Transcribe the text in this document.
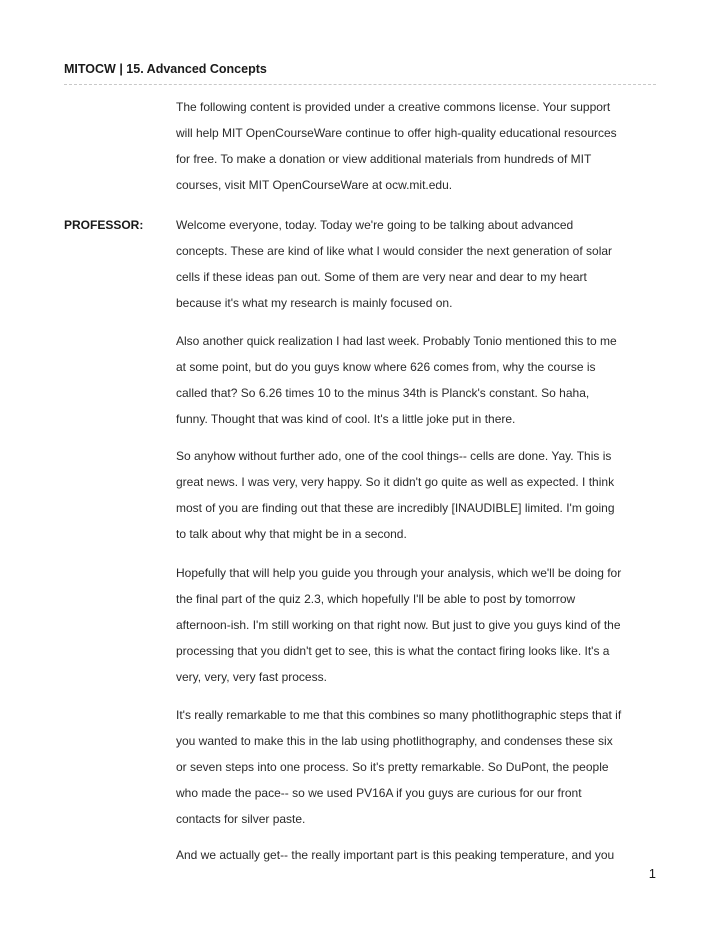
MITOCW | 15. Advanced Concepts
The following content is provided under a creative commons license. Your support
will help MIT OpenCourseWare continue to offer high-quality educational resources
for free. To make a donation or view additional materials from hundreds of MIT
courses, visit MIT OpenCourseWare at ocw.mit.edu.
PROFESSOR:	Welcome everyone, today. Today we're going to be talking about advanced
concepts. These are kind of like what I would consider the next generation of solar
cells if these ideas pan out. Some of them are very near and dear to my heart
because it's what my research is mainly focused on.
Also another quick realization I had last week. Probably Tonio mentioned this to me
at some point, but do you guys know where 626 comes from, why the course is
called that? So 6.26 times 10 to the minus 34th is Planck's constant. So haha,
funny. Thought that was kind of cool. It's a little joke put in there.
So anyhow without further ado, one of the cool things-- cells are done. Yay. This is
great news. I was very, very happy. So it didn't go quite as well as expected. I think
most of you are finding out that these are incredibly [INAUDIBLE] limited. I'm going
to talk about why that might be in a second.
Hopefully that will help you guide you through your analysis, which we'll be doing for
the final part of the quiz 2.3, which hopefully I'll be able to post by tomorrow
afternoon-ish. I'm still working on that right now. But just to give you guys kind of the
processing that you didn't get to see, this is what the contact firing looks like. It's a
very, very, very fast process.
It's really remarkable to me that this combines so many photlithographic steps that if
you wanted to make this in the lab using photlithography, and condenses these six
or seven steps into one process. So it's pretty remarkable. So DuPont, the people
who made the pace-- so we used PV16A if you guys are curious for our front
contacts for silver paste.
And we actually get-- the really important part is this peaking temperature, and you
1
